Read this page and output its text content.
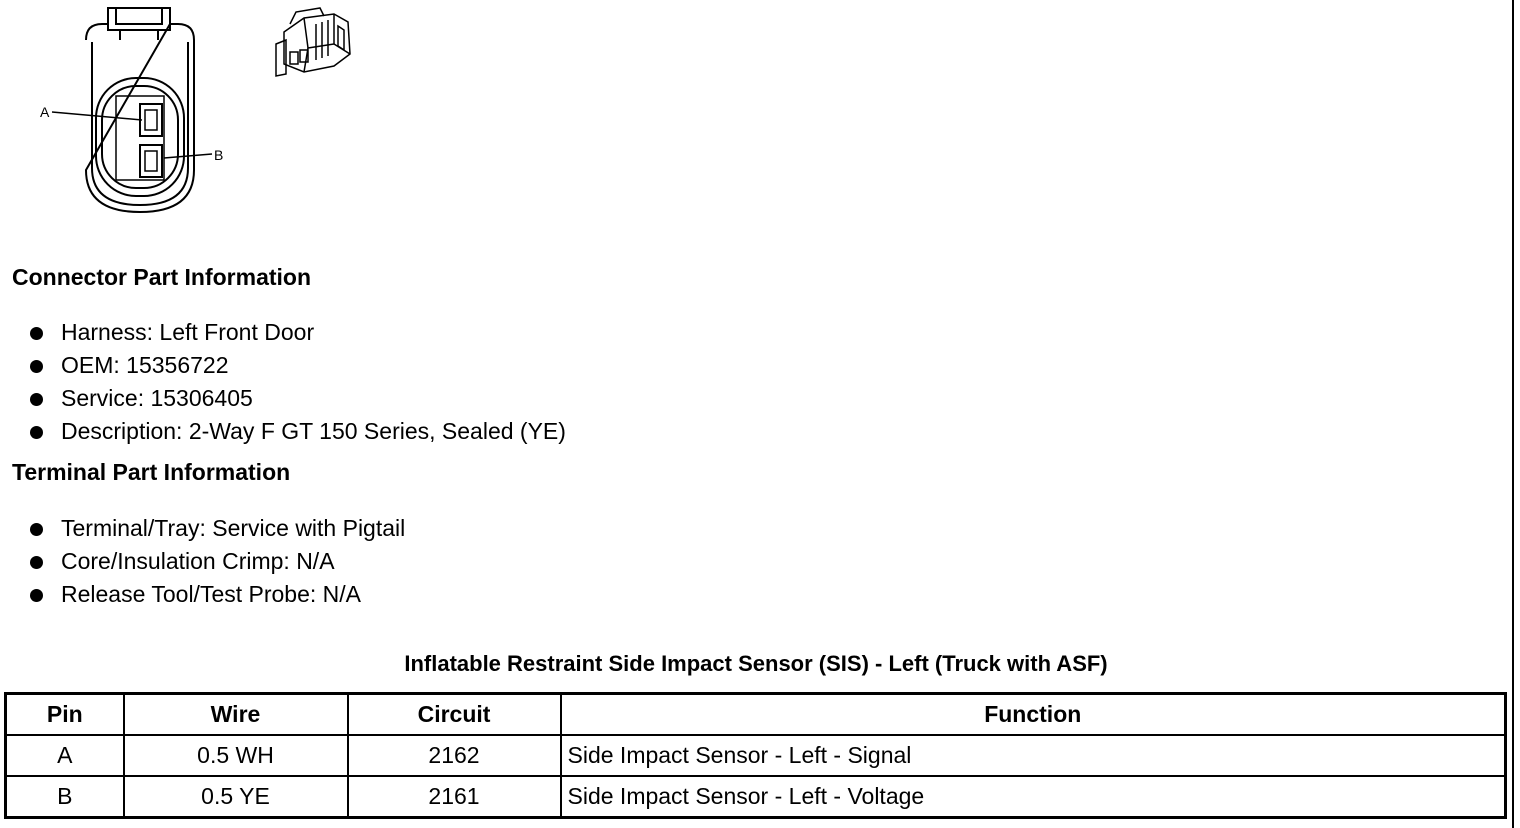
A
B
Connector Part Information
Harness: Left Front Door
OEM: 15356722
Service: 15306405
Description: 2-Way F GT 150 Series, Sealed (YE)
Terminal Part Information
Terminal/Tray: Service with Pigtail
Core/Insulation Crimp: N/A
Release Tool/Test Probe: N/A
Inflatable Restraint Side Impact Sensor (SIS) - Left (Truck with ASF)
Pin	Wire	Circuit	Function
A	0.5 WH	2162	Side Impact Sensor - Left - Signal
B	0.5 YE	2161	Side Impact Sensor - Left - Voltage
